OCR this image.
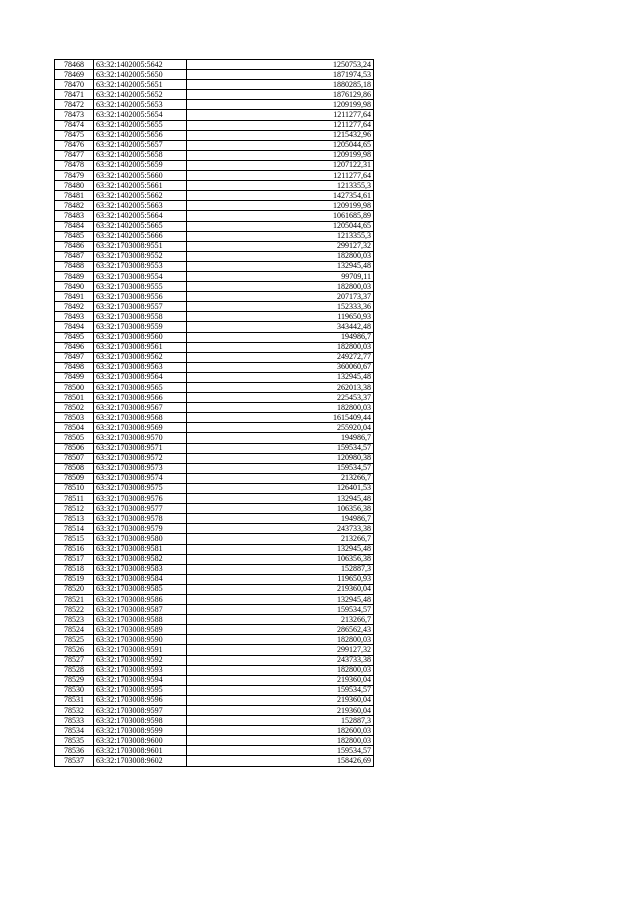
78468	63:32:1402005:5642	1250753,24
78469	63:32:1402005:5650	1871974,53
78470	63:32:1402005:5651	1880285,18
78471	63:32:1402005:5652	1876129,86
78472	63:32:1402005:5653	1209199,98
78473	63:32:1402005:5654	1211277,64
78474	63:32:1402005:5655	1211277,64
78475	63:32:1402005:5656	1215432,96
78476	63:32:1402005:5657	1205044,65
78477	63:32:1402005:5658	1209199,98
78478	63:32:1402005:5659	1207122,31
78479	63:32:1402005:5660	1211277,64
78480	63:32:1402005:5661	1213355,3
78481	63:32:1402005:5662	1427354,61
78482	63:32:1402005:5663	1209199,98
78483	63:32:1402005:5664	1061685,89
78484	63:32:1402005:5665	1205044,65
78485	63:32:1402005:5666	1213355,3
78486	63:32:1703008:9551	299127,32
78487	63:32:1703008:9552	182800,03
78488	63:32:1703008:9553	132945,48
78489	63:32:1703008:9554	99709,11
78490	63:32:1703008:9555	182800,03
78491	63:32:1703008:9556	207173,37
78492	63:32:1703008:9557	152333,36
78493	63:32:1703008:9558	119650,93
78494	63:32:1703008:9559	343442,48
78495	63:32:1703008:9560	194986,7
78496	63:32:1703008:9561	182800,03
78497	63:32:1703008:9562	249272,77
78498	63:32:1703008:9563	360060,67
78499	63:32:1703008:9564	132945,48
78500	63:32:1703008:9565	262013,38
78501	63:32:1703008:9566	225453,37
78502	63:32:1703008:9567	182800,03
78503	63:32:1703008:9568	1615409,44
78504	63:32:1703008:9569	255920,04
78505	63:32:1703008:9570	194986,7
78506	63:32:1703008:9571	159534,57
78507	63:32:1703008:9572	120980,38
78508	63:32:1703008:9573	159534,57
78509	63:32:1703008:9574	213266,7
78510	63:32:1703008:9575	126401,53
78511	63:32:1703008:9576	132945,48
78512	63:32:1703008:9577	106356,38
78513	63:32:1703008:9578	194986,7
78514	63:32:1703008:9579	243733,38
78515	63:32:1703008:9580	213266,7
78516	63:32:1703008:9581	132945,48
78517	63:32:1703008:9582	106356,38
78518	63:32:1703008:9583	152887,3
78519	63:32:1703008:9584	119650,93
78520	63:32:1703008:9585	219360,04
78521	63:32:1703008:9586	132945,48
78522	63:32:1703008:9587	159534,57
78523	63:32:1703008:9588	213266,7
78524	63:32:1703008:9589	286562,43
78525	63:32:1703008:9590	182800,03
78526	63:32:1703008:9591	299127,32
78527	63:32:1703008:9592	243733,38
78528	63:32:1703008:9593	182800,03
78529	63:32:1703008:9594	219360,04
78530	63:32:1703008:9595	159534,57
78531	63:32:1703008:9596	219360,04
78532	63:32:1703008:9597	219360,04
78533	63:32:1703008:9598	152887,3
78534	63:32:1703008:9599	182600,03
78535	63:32:1703008:9600	182800,03
78536	63:32:1703008:9601	159534,57
78537	63:32:1703008:9602	158426,69
